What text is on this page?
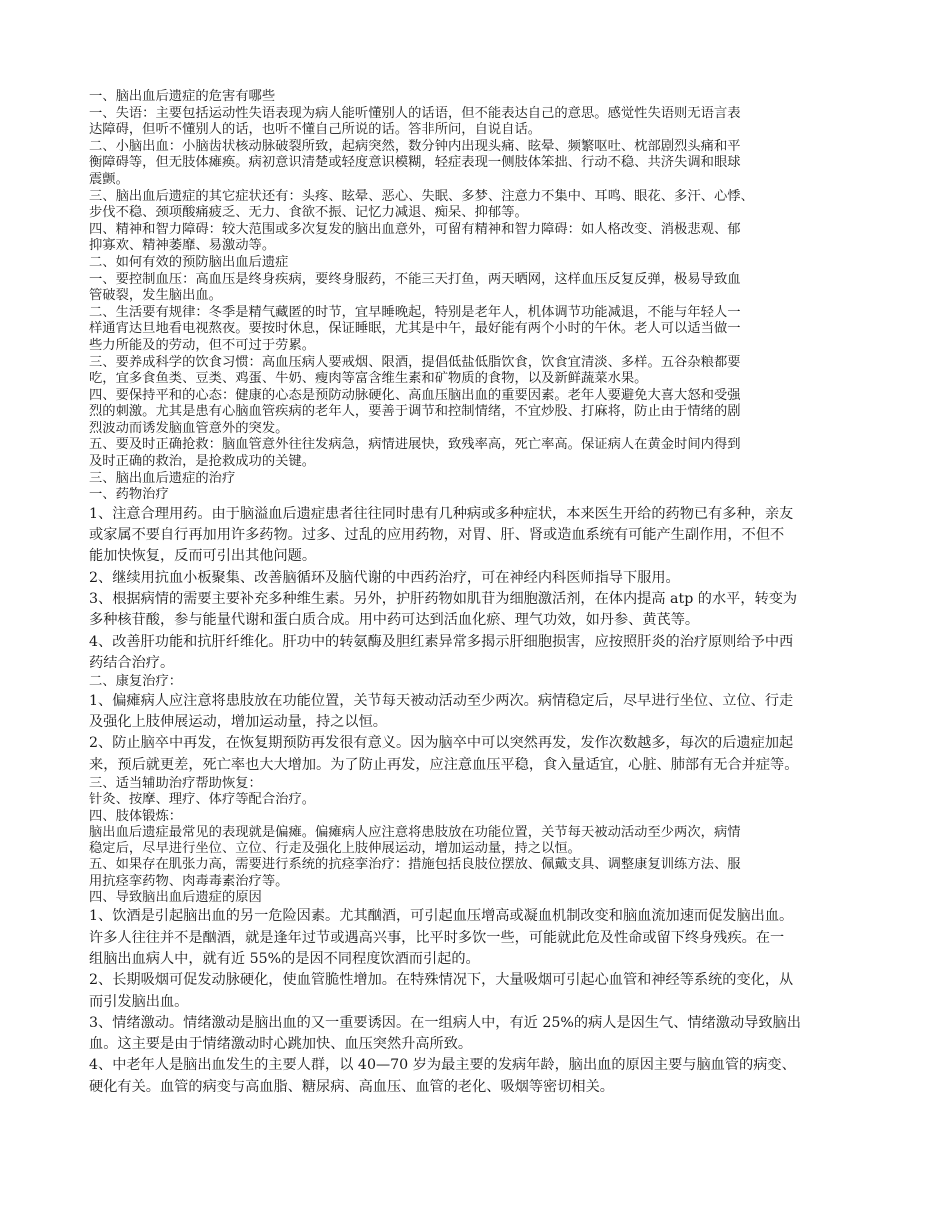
一、脑出血后遗症的危害有哪些
一、失语：主要包括运动性失语表现为病人能听懂别人的话语，但不能表达自己的意思。感觉性失语则无语言表
达障碍，但听不懂别人的话，也听不懂自己所说的话。答非所问，自说自话。
二、小脑出血：小脑齿状核动脉破裂所致，起病突然，数分钟内出现头痛、眩晕、频繁呕吐、枕部剧烈头痛和平
衡障碍等，但无肢体瘫痪。病初意识清楚或轻度意识模糊，轻症表现一侧肢体笨拙、行动不稳、共济失调和眼球
震颤。
三、脑出血后遗症的其它症状还有：头疼、眩晕、恶心、失眠、多梦、注意力不集中、耳鸣、眼花、多汗、心悸、
步伐不稳、颈项酸痛疲乏、无力、食欲不振、记忆力减退、痴呆、抑郁等。
四、精神和智力障碍：较大范围或多次复发的脑出血意外，可留有精神和智力障碍：如人格改变、消极悲观、郁
抑寡欢、精神萎靡、易激动等。
二、如何有效的预防脑出血后遗症
一、要控制血压：高血压是终身疾病，要终身服药，不能三天打鱼，两天晒网，这样血压反复反弹，极易导致血
管破裂，发生脑出血。
二、生活要有规律：冬季是精气藏匿的时节，宜早睡晚起，特别是老年人，机体调节功能减退，不能与年轻人一
样通宵达旦地看电视熬夜。要按时休息，保证睡眠，尤其是中午，最好能有两个小时的午休。老人可以适当做一
些力所能及的劳动，但不可过于劳累。
三、要养成科学的饮食习惯：高血压病人要戒烟、限酒，提倡低盐低脂饮食，饮食宜清淡、多样。五谷杂粮都要
吃，宜多食鱼类、豆类、鸡蛋、牛奶、瘦肉等富含维生素和矿物质的食物，以及新鲜蔬菜水果。
四、要保持平和的心态：健康的心态是预防动脉硬化、高血压脑出血的重要因素。老年人要避免大喜大怒和受强
烈的刺激。尤其是患有心脑血管疾病的老年人，要善于调节和控制情绪，不宜炒股、打麻将，防止由于情绪的剧
烈波动而诱发脑血管意外的突发。
五、要及时正确抢救：脑血管意外往往发病急，病情进展快，致残率高，死亡率高。保证病人在黄金时间内得到
及时正确的救治，是抢救成功的关键。
三、脑出血后遗症的治疗
一、药物治疗
1、注意合理用药。由于脑溢血后遗症患者往往同时患有几种病或多种症状，本来医生开给的药物已有多种，亲友
或家属不要自行再加用许多药物。过多、过乱的应用药物，对胃、肝、肾或造血系统有可能产生副作用，不但不
能加快恢复，反而可引出其他问题。
2、继续用抗血小板聚集、改善脑循环及脑代谢的中西药治疗，可在神经内科医师指导下服用。
3、根据病情的需要主要补充多种维生素。另外，护肝药物如肌苷为细胞激活剂，在体内提高 atp 的水平，转变为
多种核苷酸，参与能量代谢和蛋白质合成。用中药可达到活血化瘀、理气功效，如丹参、黄芪等。
4、改善肝功能和抗肝纤维化。肝功中的转氨酶及胆红素异常多揭示肝细胞损害，应按照肝炎的治疗原则给予中西
药结合治疗。
二、康复治疗：
1、偏瘫病人应注意将患肢放在功能位置，关节每天被动活动至少两次。病情稳定后，尽早进行坐位、立位、行走
及强化上肢伸展运动，增加运动量，持之以恒。
2、防止脑卒中再发，在恢复期预防再发很有意义。因为脑卒中可以突然再发，发作次数越多，每次的后遗症加起
来，预后就更差，死亡率也大大增加。为了防止再发，应注意血压平稳，食入量适宜，心脏、肺部有无合并症等。
三、适当辅助治疗帮助恢复：
针灸、按摩、理疗、体疗等配合治疗。
四、肢体锻炼：
脑出血后遗症最常见的表现就是偏瘫。偏瘫病人应注意将患肢放在功能位置，关节每天被动活动至少两次，病情
稳定后，尽早进行坐位、立位、行走及强化上肢伸展运动，增加运动量，持之以恒。
五、如果存在肌张力高，需要进行系统的抗痉挛治疗：措施包括良肢位摆放、佩戴支具、调整康复训练方法、服
用抗痉挛药物、肉毒毒素治疗等。
四、导致脑出血后遗症的原因
1、饮酒是引起脑出血的另一危险因素。尤其酗酒，可引起血压增高或凝血机制改变和脑血流加速而促发脑出血。
许多人往往并不是酗酒，就是逢年过节或遇高兴事，比平时多饮一些，可能就此危及性命或留下终身残疾。在一
组脑出血病人中，就有近 55%的是因不同程度饮酒而引起的。
2、长期吸烟可促发动脉硬化，使血管脆性增加。在特殊情况下，大量吸烟可引起心血管和神经等系统的变化，从
而引发脑出血。
3、情绪激动。情绪激动是脑出血的又一重要诱因。在一组病人中，有近 25%的病人是因生气、情绪激动导致脑出
血。这主要是由于情绪激动时心跳加快、血压突然升高所致。
4、中老年人是脑出血发生的主要人群，以 40—70 岁为最主要的发病年龄，脑出血的原因主要与脑血管的病变、
硬化有关。血管的病变与高血脂、糖尿病、高血压、血管的老化、吸烟等密切相关。
